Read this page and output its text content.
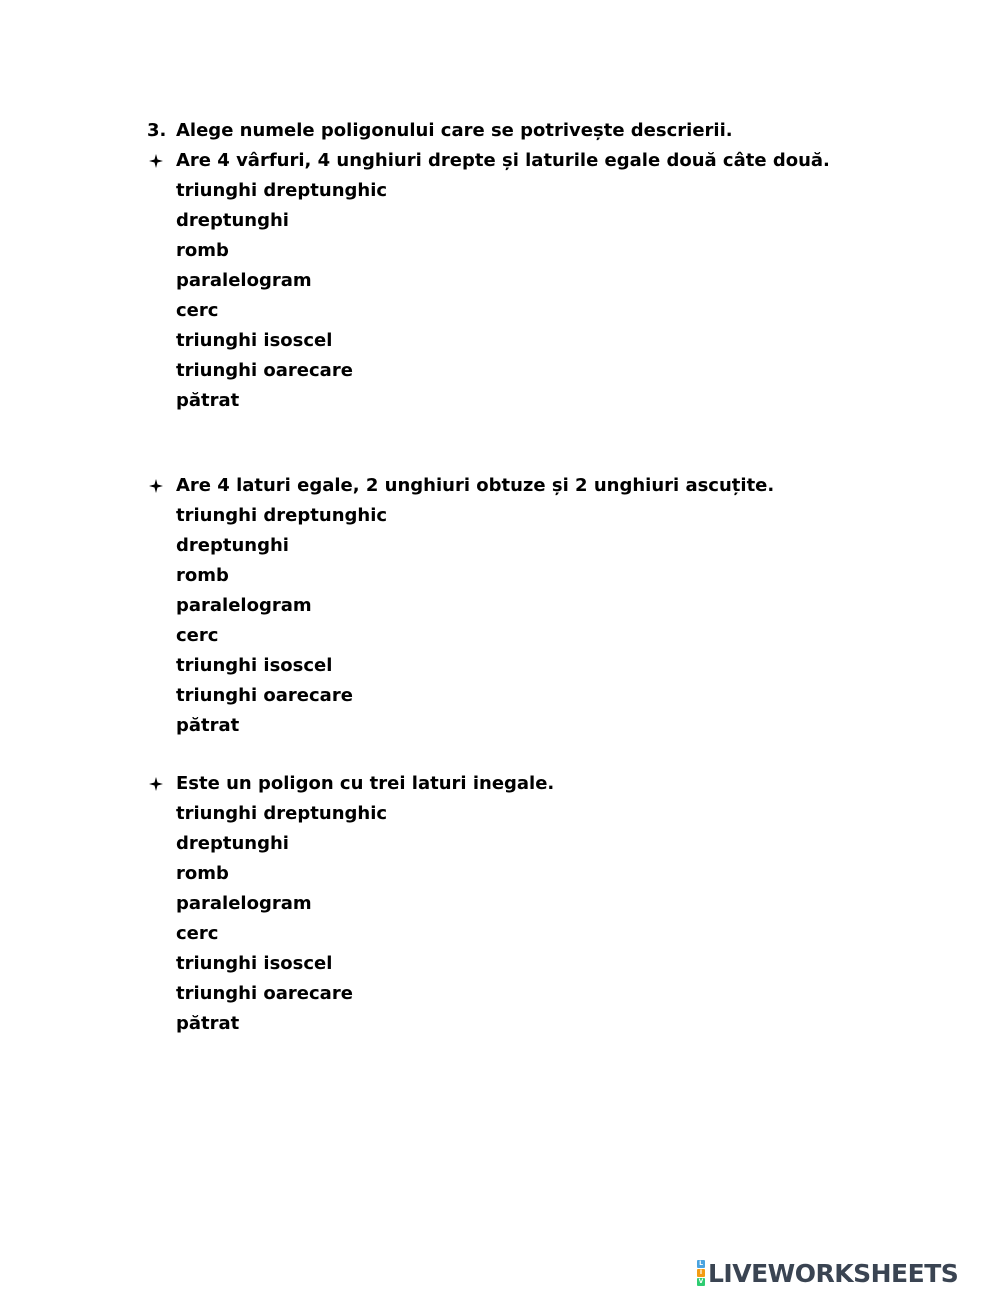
3. Alege numele poligonului care se potrivește descrierii.
Are 4 vârfuri, 4 unghiuri drepte și laturile egale două câte două.
triunghi dreptunghic
dreptunghi
romb
paralelogram
cerc
triunghi isoscel
triunghi oarecare
pătrat
Are 4 laturi egale, 2 unghiuri obtuze și 2 unghiuri ascuțite.
triunghi dreptunghic
dreptunghi
romb
paralelogram
cerc
triunghi isoscel
triunghi oarecare
pătrat
Este un poligon cu trei laturi inegale.
triunghi dreptunghic
dreptunghi
romb
paralelogram
cerc
triunghi isoscel
triunghi oarecare
pătrat
L
I
V LIVEWORKSHEETS
